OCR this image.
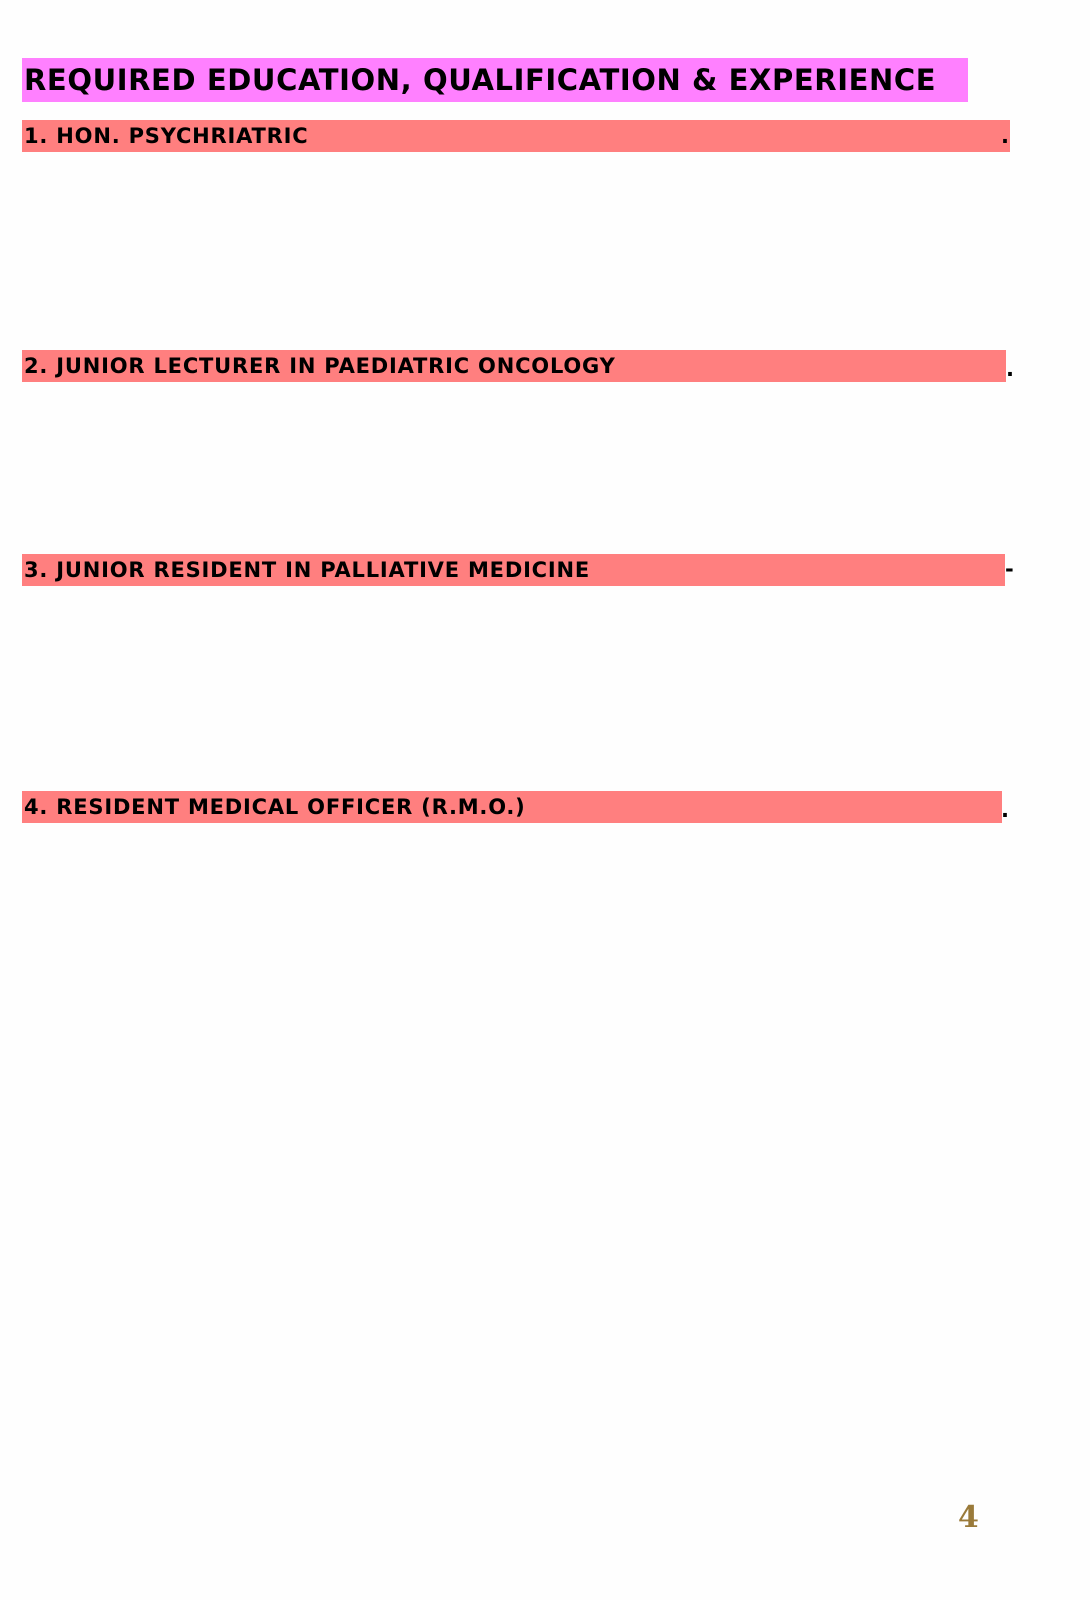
REQUIRED EDUCATION, QUALIFICATION & EXPERIENCE
1. HON. PSYCHRIATRIC	.
2. JUNIOR LECTURER IN PAEDIATRIC ONCOLOGY	.
3. JUNIOR RESIDENT IN PALLIATIVE MEDICINE	-
4. RESIDENT MEDICAL OFFICER (R.M.O.)	.
4
